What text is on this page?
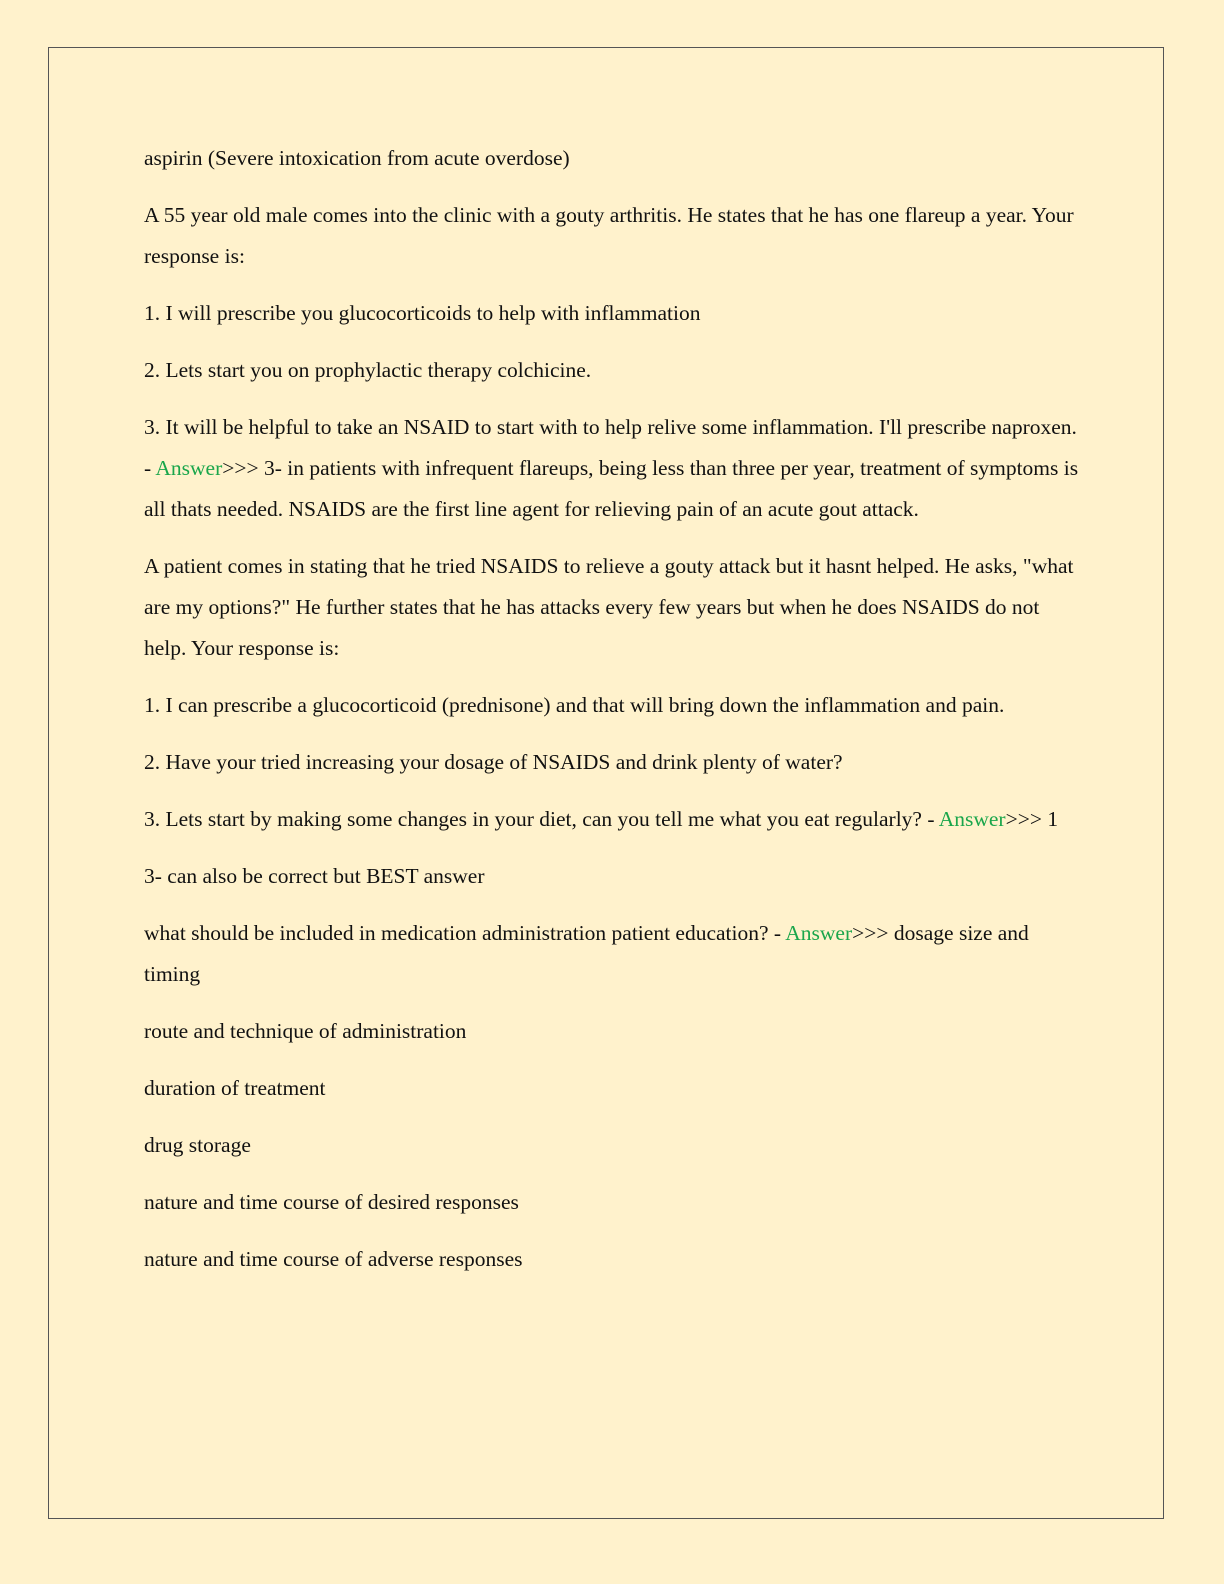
aspirin (Severe intoxication from acute overdose)

A 55 year old male comes into the clinic with a gouty arthritis. He states that he has one flareup a year. Your response is:

1. I will prescribe you glucocorticoids to help with inflammation

2. Lets start you on prophylactic therapy colchicine.

3. It will be helpful to take an NSAID to start with to help relive some inflammation. I'll prescribe naproxen. - Answer>>> 3- in patients with infrequent flareups, being less than three per year, treatment of symptoms is all thats needed. NSAIDS are the first line agent for relieving pain of an acute gout attack.

A patient comes in stating that he tried NSAIDS to relieve a gouty attack but it hasnt helped. He asks, "what are my options?" He further states that he has attacks every few years but when he does NSAIDS do not help. Your response is:

1. I can prescribe a glucocorticoid (prednisone) and that will bring down the inflammation and pain.

2. Have your tried increasing your dosage of NSAIDS and drink plenty of water?

3. Lets start by making some changes in your diet, can you tell me what you eat regularly? - Answer>>> 1

3- can also be correct but BEST answer

what should be included in medication administration patient education? - Answer>>> dosage size and timing

route and technique of administration

duration of treatment

drug storage

nature and time course of desired responses

nature and time course of adverse responses
